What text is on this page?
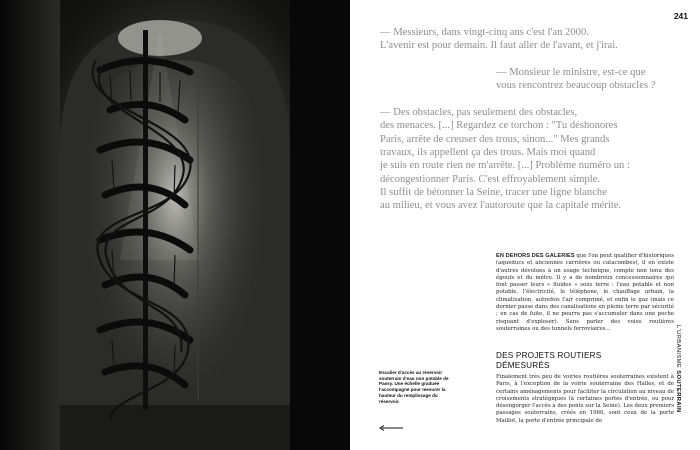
Escalier d'accès au réservoir souterrain d'eau non potable de Passy. Une échelle graduée l'accompagne pour mesurer la hauteur du remplissage du réservoir.
241
— Messieurs, dans vingt-cinq ans c'est l'an 2000.
L'avenir est pour demain. Il faut aller de l'avant, et j'irai.
— Monsieur le ministre, est-ce que
vous rencontrez beaucoup obstacles ?
— Des obstacles, pas seulement des obstacles,
des menaces. [...] Regardez ce torchon : "Tu déshonores
Paris, arrête de creuser des trous, sinon..." Mes grands
travaux, ils appellent ça des trous. Mais moi quand
je suis en route rien ne m'arrête. [...] Problème numéro un :
décongestionner Paris. C'est effroyablement simple.
Il suffit de bétonner la Seine, tracer une ligne blanche
au milieu, et vous avez l'autoroute que la capitale mérite.
EN DEHORS DES GALERIES que l'on peut qualifier d'historiques (aqueducs et anciennes carrières ou catacombes), il en existe d'autres dévolues à un usage technique, compte non tenu des égouts et du métro. Il y a de nombreux concessionnaires qui font passer leurs « fluides » sous terre : l'eau potable et non potable, l'électricité, le téléphone, le chauffage urbain, la climatisation, autrefois l'air comprimé, et enfin le gaz (mais ce dernier passe dans des canalisations en pleine terre par sécurité ; en cas de fuite, il ne pourra pas s'accumuler dans une poche risquant d'exploser). Sans parler des voies routières souterraines ou des tunnels ferroviaires...
DES PROJETS ROUTIERS
DÉMESURÉS
Finalement très peu de voiries routières souterraines existent à Paris, à l'exception de la voirie souterraine des Halles, et de certains aménagements pour faciliter la circulation au niveau de croisements stratégiques (à certaines portes d'entrée, ou pour désengorger l'accès à des ponts sur la Seine). Les deux premiers passages souterrains, créés en 1960, sont ceux de la porte Maillot, la porte d'entrée principale de
L'URBANISME SOUTERRAIN
